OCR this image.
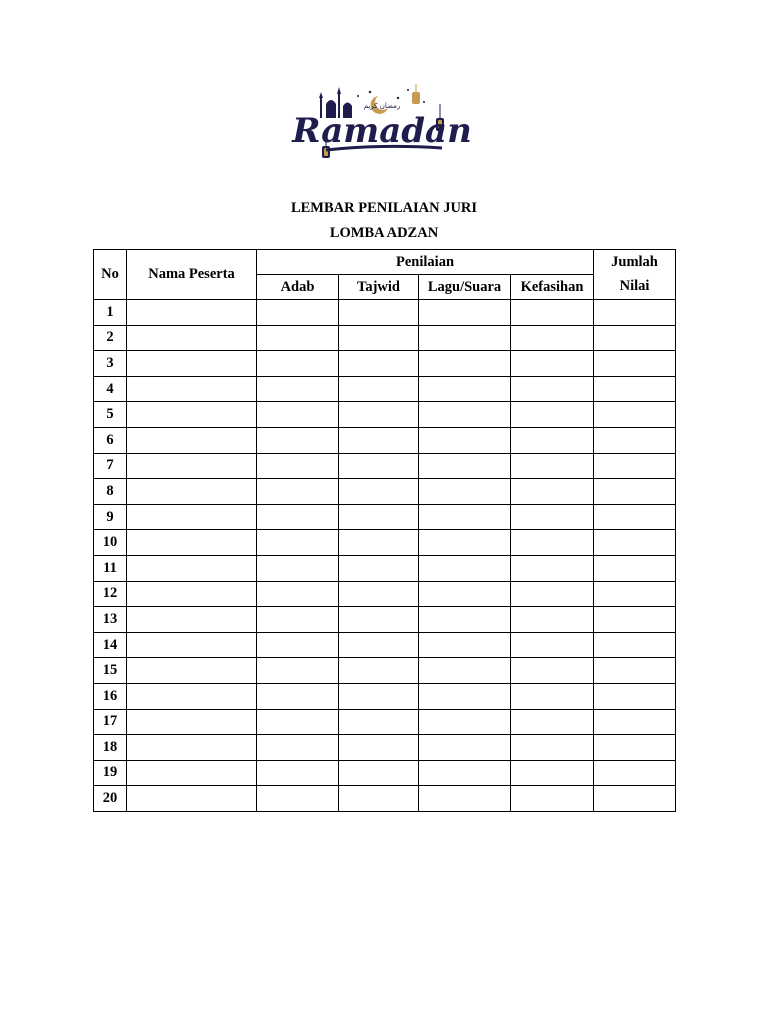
رمضان كريم
Ramadan
LEMBAR PENILAIAN JURI
LOMBA ADZAN
No	Nama Peserta	Penilaian				Jumlah
		Adab	Tajwid	Lagu/Suara	Kefasihan	Nilai
1						
2						
3						
4						
5						
6						
7						
8						
9						
10						
11						
12						
13						
14						
15						
16						
17						
18						
19						
20						
